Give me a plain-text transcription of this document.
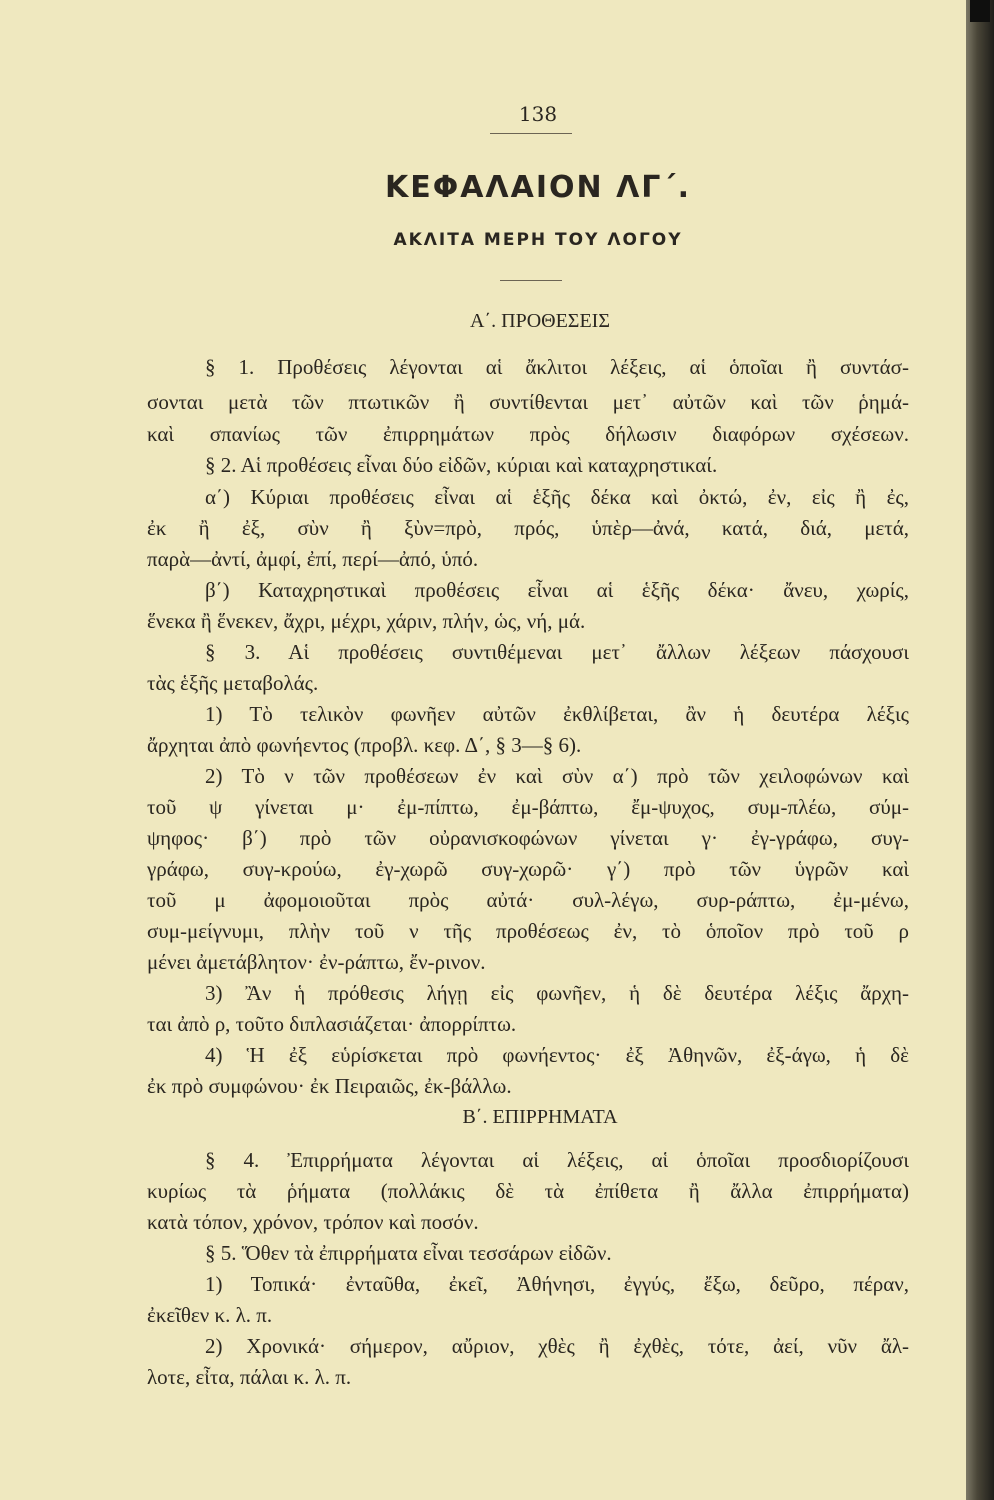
138
ΚΕΦΑΛΑΙΟΝ ΛΓ΄.
ΑΚΛΙΤΑ ΜΕΡΗ ΤΟΥ ΛΟΓΟΥ
Α΄. ΠΡΟΘΕΣΕΙΣ
§ 1. Προθέσεις λέγονται αἱ ἄκλιτοι λέξεις, αἱ ὁποῖαι ἢ συντάσ-
σονται μετὰ τῶν πτωτικῶν ἢ συντίθενται μετ᾽ αὐτῶν καὶ τῶν ῥημά-
καὶ σπανίως τῶν ἐπιρρημάτων πρὸς δήλωσιν διαφόρων σχέσεων.
§ 2. Αἱ προθέσεις εἶναι δύο εἰδῶν, κύριαι καὶ καταχρηστικαί.
α΄) Κύριαι προθέσεις εἶναι αἱ ἑξῆς δέκα καὶ ὀκτώ, ἐν, εἰς ἢ ἐς,
ἐκ ἢ ἐξ, σὺν ἢ ξὺν=πρὸ, πρός, ὑπὲρ—ἀνά, κατά, διά, μετά,
παρὰ—ἀντί, ἀμφί, ἐπί, περί—ἀπό, ὑπό.
β΄) Καταχρηστικαὶ προθέσεις εἶναι αἱ ἑξῆς δέκα· ἄνευ, χωρίς,
ἕνεκα ἢ ἕνεκεν, ἄχρι, μέχρι, χάριν, πλήν, ὡς, νή, μά.
§ 3. Αἱ προθέσεις συντιθέμεναι μετ᾽ ἄλλων λέξεων πάσχουσι
τὰς ἑξῆς μεταβολάς.
1) Τὸ τελικὸν φωνῆεν αὐτῶν ἐκθλίβεται, ἂν ἡ δευτέρα λέξις
ἄρχηται ἀπὸ φωνήεντος (προβλ. κεφ. Δ΄, § 3—§ 6).
2) Τὸ ν τῶν προθέσεων ἐν καὶ σὺν α΄) πρὸ τῶν χειλοφώνων καὶ
τοῦ ψ γίνεται μ· ἐμ-πίπτω, ἐμ-βάπτω, ἔμ-ψυχος, συμ-πλέω, σύμ-
ψηφος· β΄) πρὸ τῶν οὐρανισκοφώνων γίνεται γ· ἐγ-γράφω, συγ-
γράφω, συγ-κρούω, ἐγ-χωρῶ συγ-χωρῶ· γ΄) πρὸ τῶν ὑγρῶν καὶ
τοῦ μ ἀφομοιοῦται πρὸς αὐτά· συλ-λέγω, συρ-ράπτω, ἐμ-μένω,
συμ-μείγνυμι, πλὴν τοῦ ν τῆς προθέσεως ἐν, τὸ ὁποῖον πρὸ τοῦ ρ
μένει ἀμετάβλητον· ἐν-ράπτω, ἔν-ρινον.
3) Ἂν ἡ πρόθεσις λήγῃ εἰς φωνῆεν, ἡ δὲ δευτέρα λέξις ἄρχη-
ται ἀπὸ ρ, τοῦτο διπλασιάζεται· ἀπορρίπτω.
4) Ἡ ἐξ εὑρίσκεται πρὸ φωνήεντος· ἐξ Ἀθηνῶν, ἐξ-άγω, ἡ δὲ
ἐκ πρὸ συμφώνου· ἐκ Πειραιῶς, ἐκ-βάλλω.
Β΄. ΕΠΙΡΡΗΜΑΤΑ
§ 4. Ἐπιρρήματα λέγονται αἱ λέξεις, αἱ ὁποῖαι προσδιορίζουσι
κυρίως τὰ ῥήματα (πολλάκις δὲ τὰ ἐπίθετα ἢ ἄλλα ἐπιρρήματα)
κατὰ τόπον, χρόνον, τρόπον καὶ ποσόν.
§ 5. Ὅθεν τὰ ἐπιρρήματα εἶναι τεσσάρων εἰδῶν.
1) Τοπικά· ἐνταῦθα, ἐκεῖ, Ἀθήνησι, ἐγγύς, ἔξω, δεῦρο, πέραν,
ἐκεῖθεν κ. λ. π.
2) Χρονικά· σήμερον, αὔριον, χθὲς ἢ ἐχθὲς, τότε, ἀεί, νῦν ἄλ-
λοτε, εἶτα, πάλαι κ. λ. π.
